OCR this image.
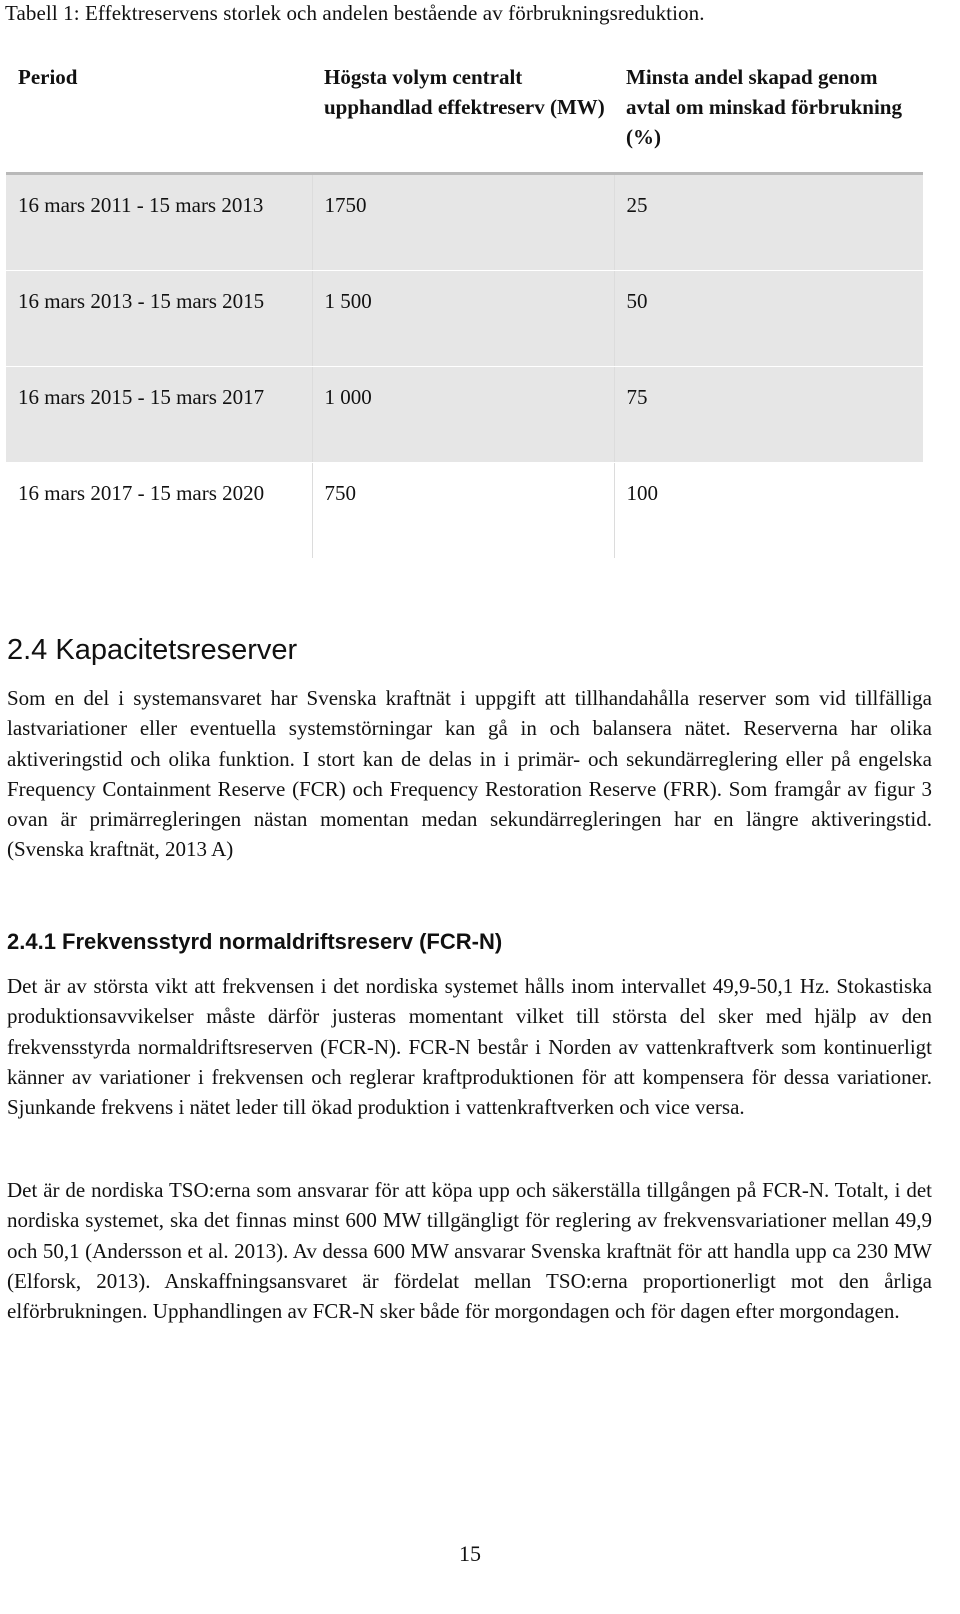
Tabell 1: Effektreservens storlek och andelen bestående av förbrukningsreduktion.
Period	Högsta volym centralt upphandlad effektreserv (MW)	Minsta andel skapad genom avtal om minskad förbrukning (%)
16 mars 2011 - 15 mars 2013	1750	25
16 mars 2013 - 15 mars 2015	1 500	50
16 mars 2015 - 15 mars 2017	1 000	75
16 mars 2017 - 15 mars 2020	750	100
2.4 Kapacitetsreserver

Som en del i systemansvaret har Svenska kraftnät i uppgift att tillhandahålla reserver som vid tillfälliga lastvariationer eller eventuella systemstörningar kan gå in och balansera nätet. Reserverna har olika aktiveringstid och olika funktion. I stort kan de delas in i primär- och sekundärreglering eller på engelska Frequency Containment Reserve (FCR) och Frequency Restoration Reserve (FRR). Som framgår av figur 3 ovan är primärregleringen nästan momentan medan sekundärregleringen har en längre aktiveringstid. (Svenska kraftnät, 2013 A)

2.4.1 Frekvensstyrd normaldriftsreserv (FCR-N)

Det är av största vikt att frekvensen i det nordiska systemet hålls inom intervallet 49,9-50,1 Hz. Stokastiska produktionsavvikelser måste därför justeras momentant vilket till största del sker med hjälp av den frekvensstyrda normaldriftsreserven (FCR-N). FCR-N består i Norden av vattenkraftverk som kontinuerligt känner av variationer i frekvensen och reglerar kraftproduktionen för att kompensera för dessa variationer. Sjunkande frekvens i nätet leder till ökad produktion i vattenkraftverken och vice versa.

Det är de nordiska TSO:erna som ansvarar för att köpa upp och säkerställa tillgången på FCR-N. Totalt, i det nordiska systemet, ska det finnas minst 600 MW tillgängligt för reglering av frekvensvariationer mellan 49,9 och 50,1 (Andersson et al. 2013). Av dessa 600 MW ansvarar Svenska kraftnät för att handla upp ca 230 MW (Elforsk, 2013). Anskaffningsansvaret är fördelat mellan TSO:erna proportionerligt mot den årliga elförbrukningen. Upphandlingen av FCR-N sker både för morgondagen och för dagen efter morgondagen.

15
